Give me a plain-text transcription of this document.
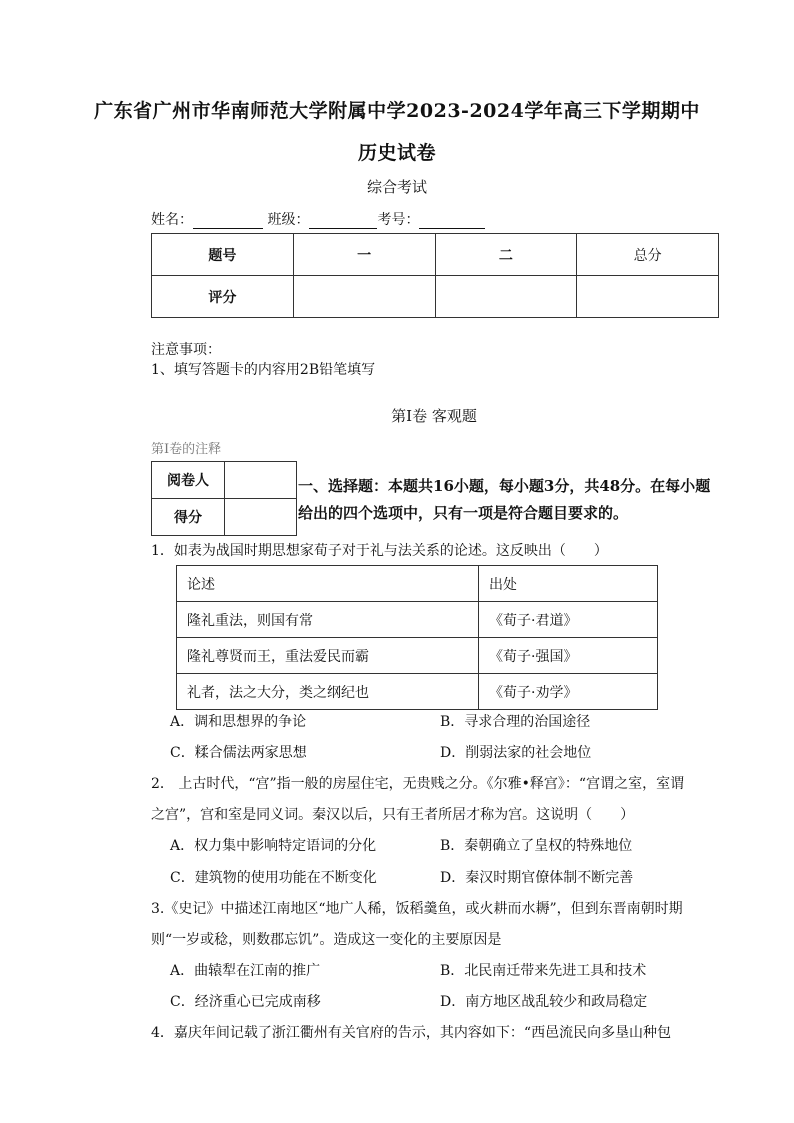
广东省广州市华南师范大学附属中学2023-2024学年高三下学期期中
历史试卷
综合考试
姓名：	班级：	考号：
题号	一	二	总分
评分			
注意事项：
1、填写答题卡的内容用2B铅笔填写
第Ⅰ卷 客观题
第Ⅰ卷的注释
阅卷人	
得分	
一、选择题：本题共16小题，每小题3分，共48分。在每小题给出的四个选项中，只有一项是符合题目要求的。
1．如表为战国时期思想家荀子对于礼与法关系的论述。这反映出（　　）
论述	出处
隆礼重法，则国有常	《荀子·君道》
隆礼尊贤而王，重法爱民而霸	《荀子·强国》
礼者，法之大分，类之纲纪也	《荀子·劝学》
A．调和思想界的争论	B．寻求合理的治国途径
C．糅合儒法两家思想	D．削弱法家的社会地位
2． 上古时代，“宫”指一般的房屋住宅，无贵贱之分。《尔雅•释宫》：“宫谓之室，室谓
之宫”，宫和室是同义词。秦汉以后，只有王者所居才称为宫。这说明（　　）
A．权力集中影响特定语词的分化	B．秦朝确立了皇权的特殊地位
C．建筑物的使用功能在不断变化	D．秦汉时期官僚体制不断完善
3.《史记》中描述江南地区“地广人稀，饭稻羹鱼，或火耕而水耨”，但到东晋南朝时期
则“一岁或稔，则数郡忘饥”。造成这一变化的主要原因是
A．曲辕犁在江南的推广	B．北民南迁带来先进工具和技术
C．经济重心已完成南移	D．南方地区战乱较少和政局稳定
4．嘉庆年间记载了浙江衢州有关官府的告示，其内容如下：“西邑流民向多垦山种包
